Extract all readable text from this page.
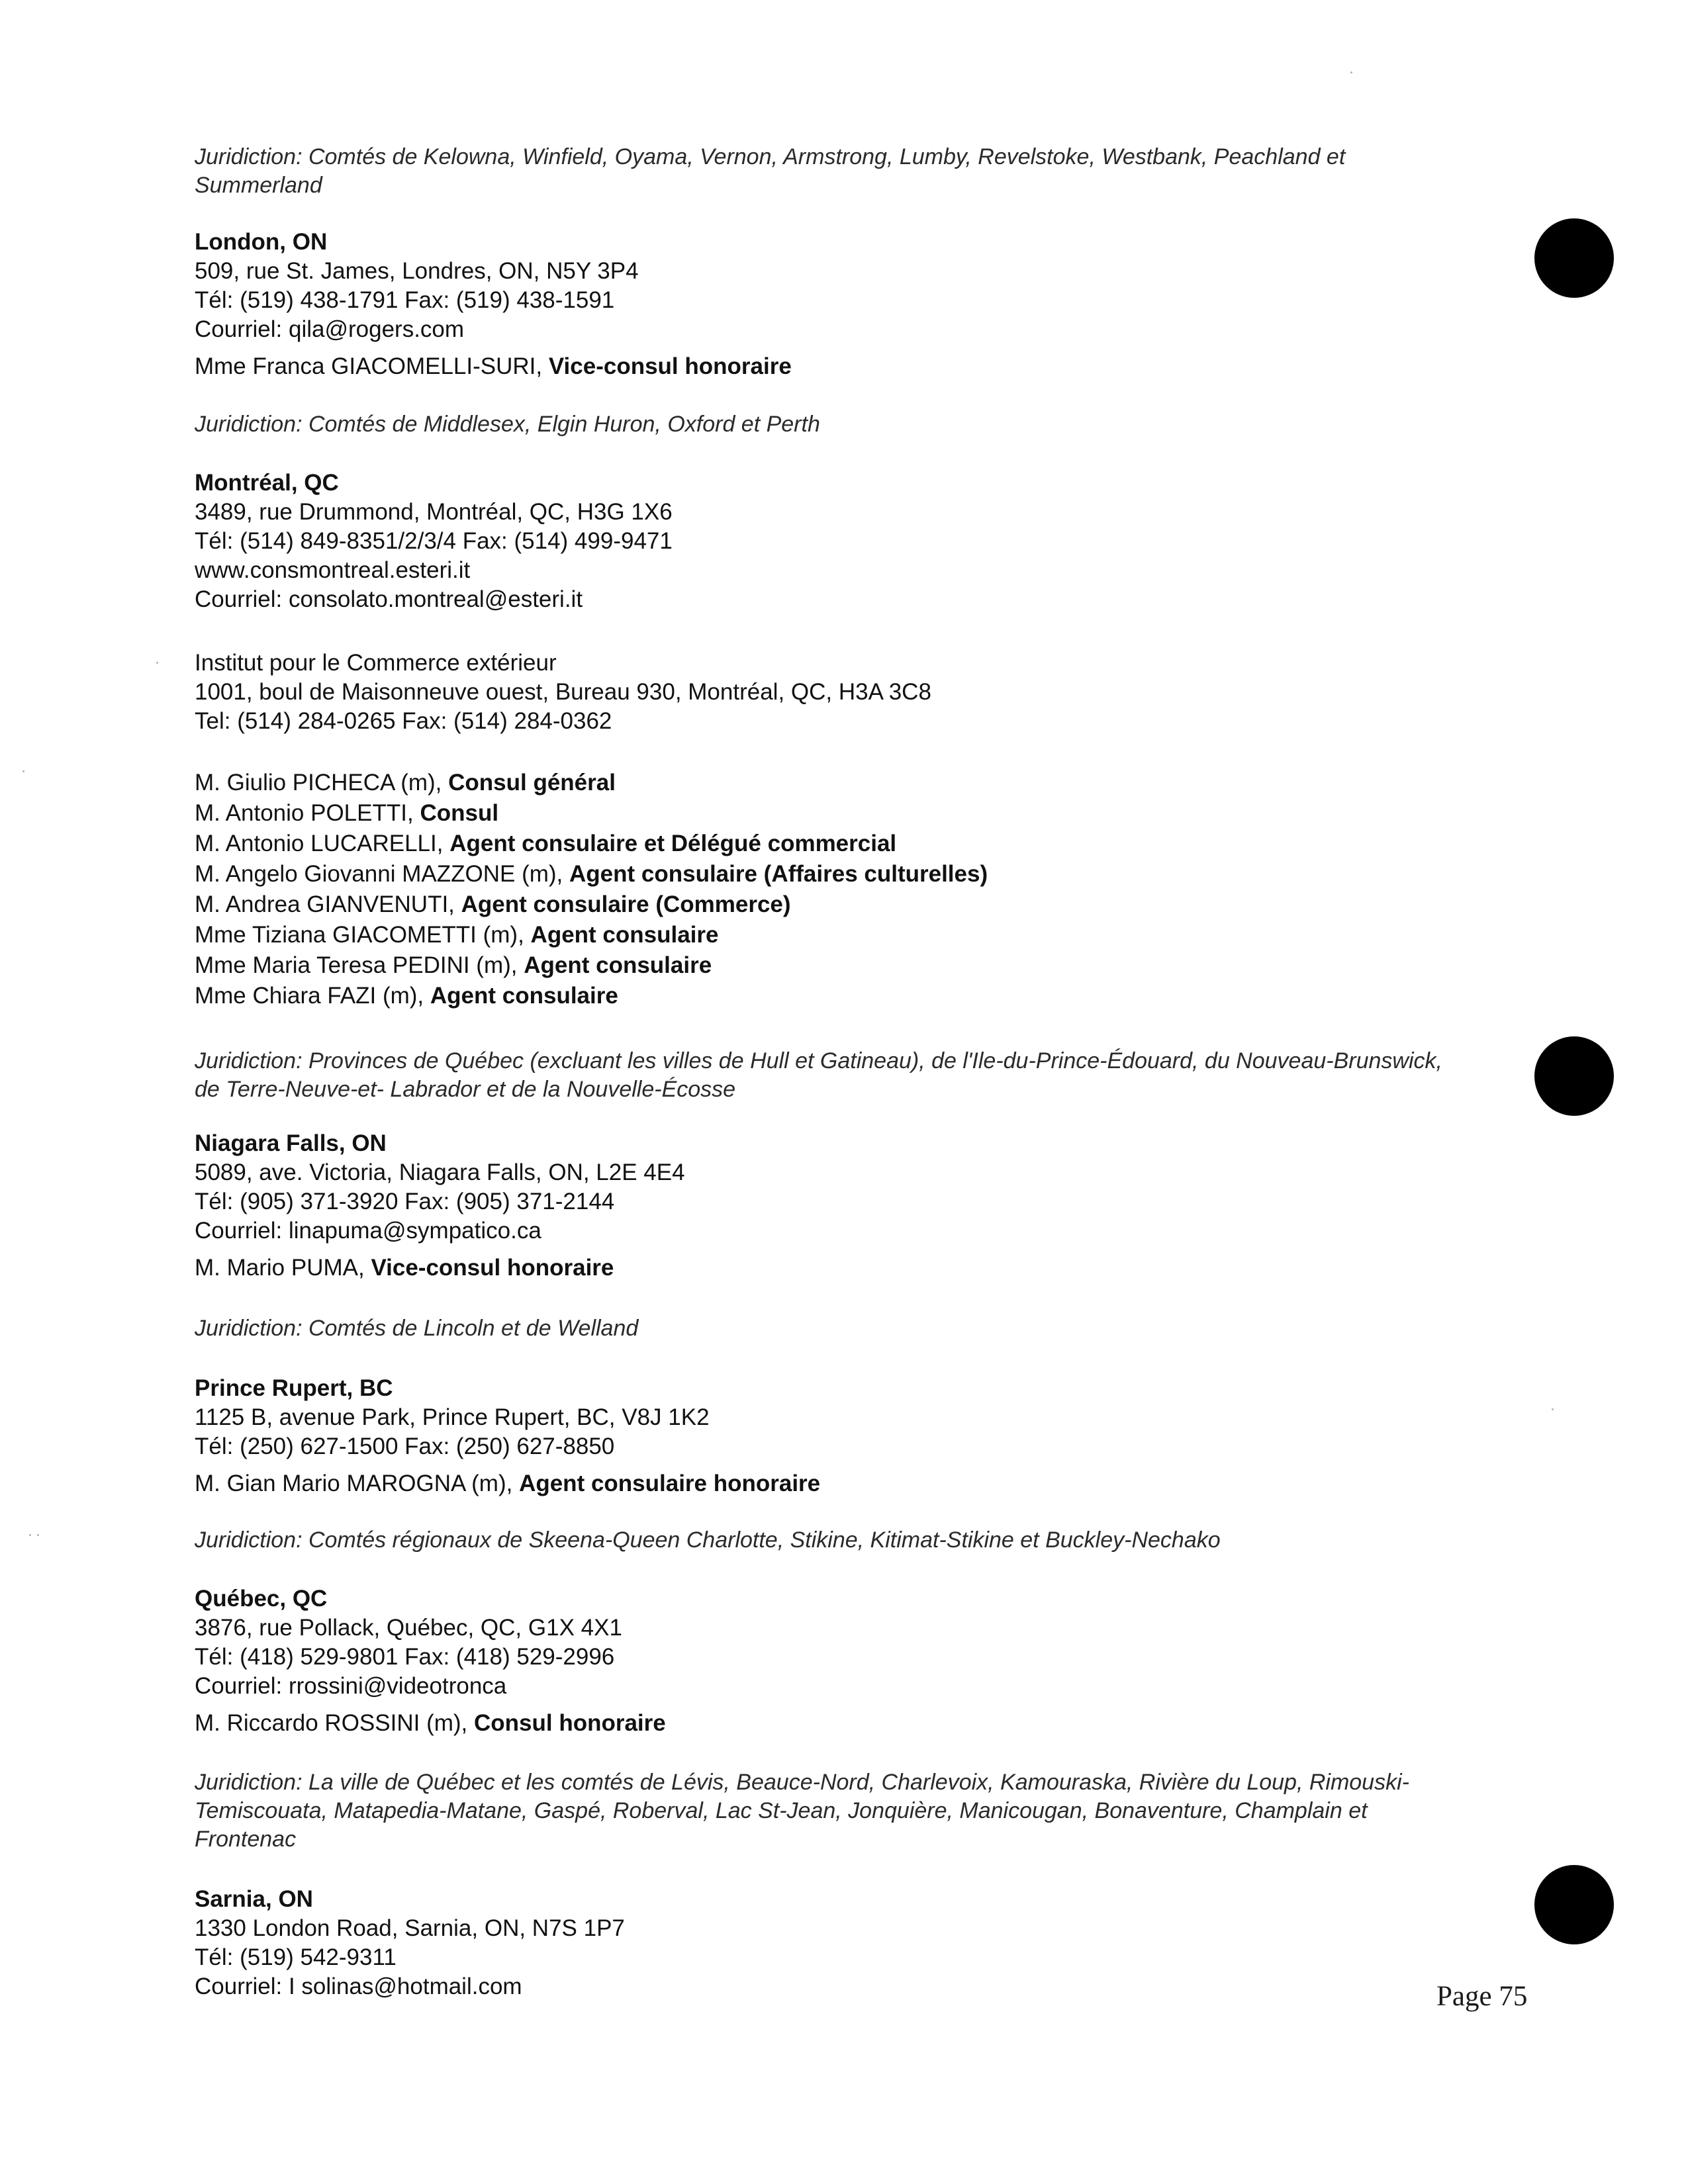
Juridiction: Comtés de Kelowna, Winfield, Oyama, Vernon, Armstrong, Lumby, Revelstoke, Westbank, Peachland et Summerland
London, ON
509, rue St. James, Londres, ON, N5Y 3P4
Tél: (519) 438-1791 Fax: (519) 438-1591
Courriel: qila@rogers.com
Mme Franca GIACOMELLI-SURI, Vice-consul honoraire
Juridiction: Comtés de Middlesex, Elgin Huron, Oxford et Perth
Montréal, QC
3489, rue Drummond, Montréal, QC, H3G 1X6
Tél: (514) 849-8351/2/3/4 Fax: (514) 499-9471
www.consmontreal.esteri.it
Courriel: consolato.montreal@esteri.it
Institut pour le Commerce extérieur
1001, boul de Maisonneuve ouest, Bureau 930, Montréal, QC, H3A 3C8
Tel: (514) 284-0265 Fax: (514) 284-0362
M. Giulio PICHECA (m), Consul général
M. Antonio POLETTI, Consul
M. Antonio LUCARELLI, Agent consulaire et Délégué commercial
M. Angelo Giovanni MAZZONE (m), Agent consulaire (Affaires culturelles)
M. Andrea GIANVENUTI, Agent consulaire (Commerce)
Mme Tiziana GIACOMETTI (m), Agent consulaire
Mme Maria Teresa PEDINI (m), Agent consulaire
Mme Chiara FAZI (m), Agent consulaire
Juridiction: Provinces de Québec (excluant les villes de Hull et Gatineau), de l'Ile-du-Prince-Édouard, du Nouveau-Brunswick, de Terre-Neuve-et- Labrador et de la Nouvelle-Écosse
Niagara Falls, ON
5089, ave. Victoria, Niagara Falls, ON, L2E 4E4
Tél: (905) 371-3920 Fax: (905) 371-2144
Courriel: linapuma@sympatico.ca
M. Mario PUMA, Vice-consul honoraire
Juridiction: Comtés de Lincoln et de Welland
Prince Rupert, BC
1125 B, avenue Park, Prince Rupert, BC, V8J 1K2
Tél: (250) 627-1500 Fax: (250) 627-8850
M. Gian Mario MAROGNA (m), Agent consulaire honoraire
Juridiction: Comtés régionaux de Skeena-Queen Charlotte, Stikine, Kitimat-Stikine et Buckley-Nechako
Québec, QC
3876, rue Pollack, Québec, QC, G1X 4X1
Tél: (418) 529-9801 Fax: (418) 529-2996
Courriel: rrossini@videotronca
M. Riccardo ROSSINI (m), Consul honoraire
Juridiction: La ville de Québec et les comtés de Lévis, Beauce-Nord, Charlevoix, Kamouraska, Rivière du Loup, Rimouski-Temiscouata, Matapedia-Matane, Gaspé, Roberval, Lac St-Jean, Jonquière, Manicougan, Bonaventure, Champlain et Frontenac
Sarnia, ON
1330 London Road, Sarnia, ON, N7S 1P7
Tél: (519) 542-9311
Courriel: I solinas@hotmail.com	Page 75
